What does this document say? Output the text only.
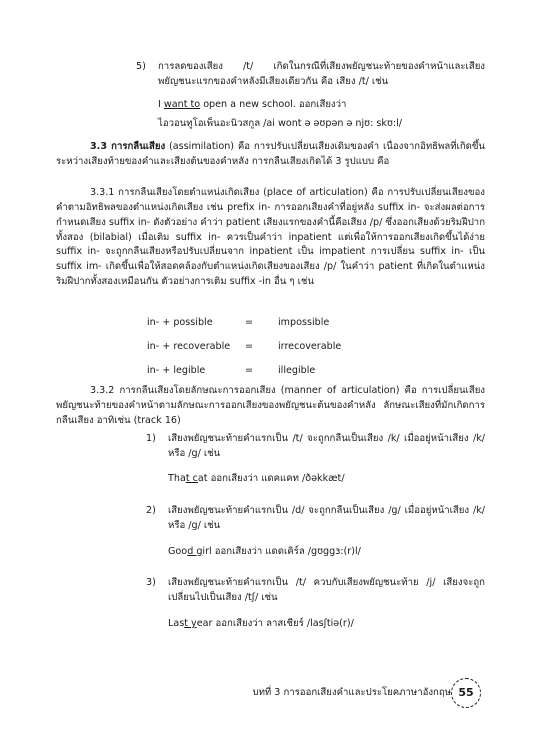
5) การลดของเสียง /t/ เกิดในกรณีที่เสียงพยัญชนะท้ายของคำหน้าและเสียงพยัญชนะแรกของคำหลังมีเสียงเดียวกัน คือ เสียง /t/ เช่น
I want to open a new school. ออกเสียงว่า
ไอวอนทูโอเพ็นอะนิวสกูล /ai wont ə əʊpən ə njʊ: skʊ:l/
3.3 การกลืนเสียง (assimilation) คือ การปรับเปลี่ยนเสียงเดิมของคำ เนื่องจากอิทธิพลที่เกิดขึ้นระหว่างเสียงท้ายของคำและเสียงต้นของคำหลัง การกลืนเสียงเกิดได้ 3 รูปแบบ คือ
3.3.1 การกลืนเสียงโดยตำแหน่งเกิดเสียง (place of articulation) คือ การปรับเปลี่ยนเสียงของคำตามอิทธิพลของตำแหน่งเกิดเสียง เช่น prefix in- การออกเสียงคำที่อยู่หลัง suffix in- จะส่งผลต่อการกำหนดเสียง suffix in- ดังตัวอย่าง คำว่า patient เสียงแรกของคำนี้คือเสียง /p/ ซึ่งออกเสียงด้วยริมฝีปากทั้งสอง (bilabial) เมื่อเติม suffix in- ควรเป็นคำว่า inpatient แต่เพื่อให้การออกเสียงเกิดขึ้นได้ง่าย suffix in- จะถูกกลืนเสียงหรือปรับเปลี่ยนจาก inpatient เป็น impatient การเปลี่ยน suffix in- เป็น suffix im- เกิดขึ้นเพื่อให้สอดคล้องกับตำแหน่งเกิดเสียงของเสียง /p/ ในคำว่า patient ที่เกิดในตำแหน่งริมฝีปากทั้งสองเหมือนกัน ตัวอย่างการเติม suffix -in อื่น ๆ เช่น
in- + possible	=	impossible
in- + recoverable =	irrecoverable
in- + legible	=	illegible
3.3.2 การกลืนเสียงโดยลักษณะการออกเสียง (manner of articulation) คือ การเปลี่ยนเสียงพยัญชนะท้ายของคำหน้าตามลักษณะการออกเสียงของพยัญชนะต้นของคำหลัง ลักษณะเสียงที่มักเกิดการกลืนเสียง อาทิเช่น (track 16)
1) เสียงพยัญชนะท้ายคำแรกเป็น /t/ จะถูกกลืนเป็นเสียง /k/ เมื่ออยู่หน้าเสียง /k/ หรือ /g/ เช่น
That cat ออกเสียงว่า แดคแคท /ðəkkæt/
2) เสียงพยัญชนะท้ายคำแรกเป็น /d/ จะถูกกลืนเป็นเสียง /g/ เมื่ออยู่หน้าเสียง /k/ หรือ /g/ เช่น
Good girl ออกเสียงว่า แดดเคิร์ล /gʊggɜ:(r)l/
3) เสียงพยัญชนะท้ายคำแรกเป็น /t/ ควบกับเสียงพยัญชนะท้าย /j/ เสียงจะถูกเปลี่ยนไปเป็นเสียง /tʃ/ เช่น
Last year ออกเสียงว่า ลาสเชียร์ /lasʃtiə(r)/
บทที่ 3 การออกเสียงคำและประโยคภาษาอังกฤษ 55
